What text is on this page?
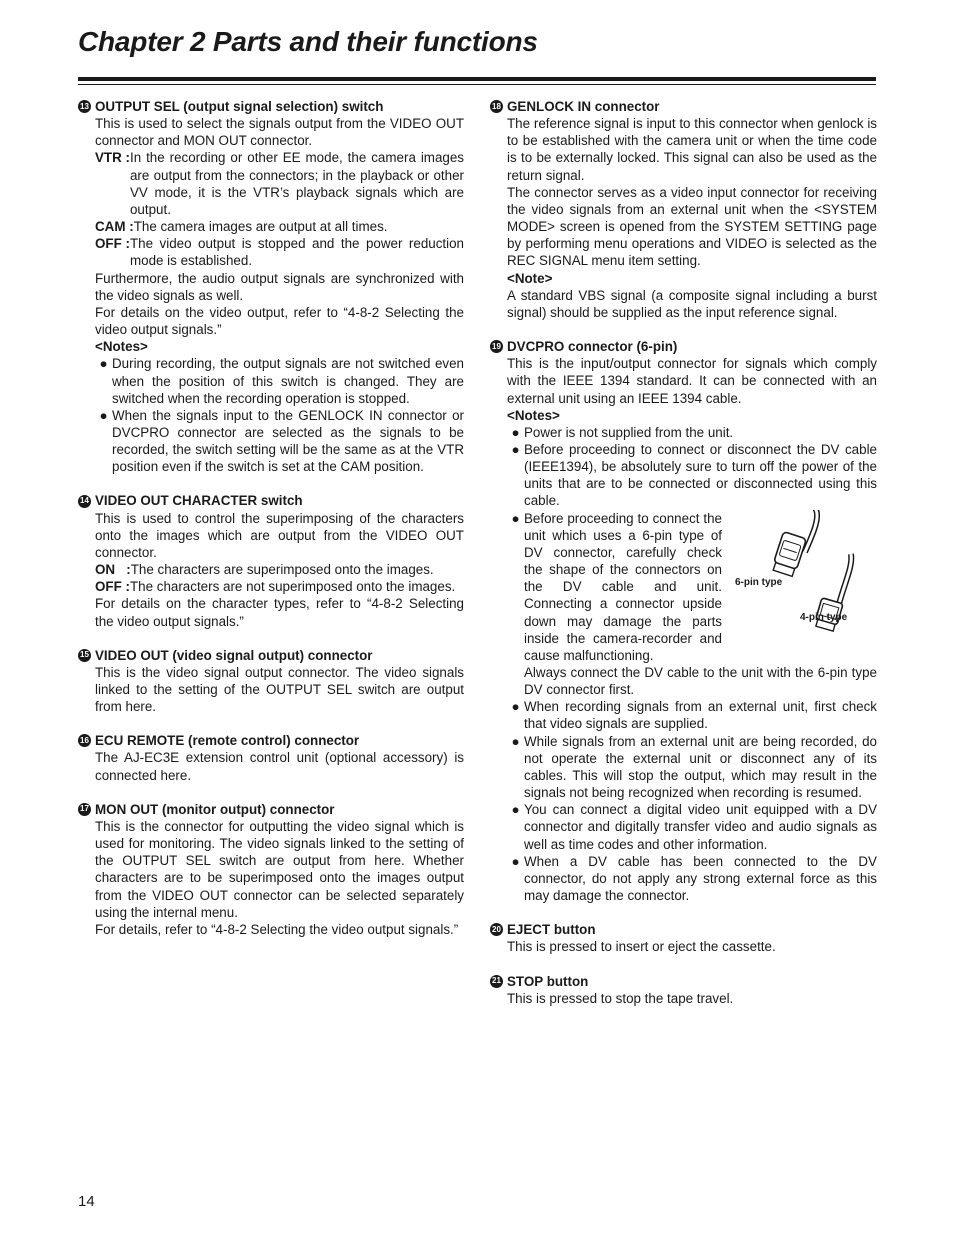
Chapter 2 Parts and their functions
13 OUTPUT SEL (output signal selection) switch

This is used to select the signals output from the VIDEO OUT connector and MON OUT connector.

VTR : In the recording or other EE mode, the camera images are output from the connectors; in the playback or other VV mode, it is the VTR’s playback signals which are output.
CAM : The camera images are output at all times.
OFF : The video output is stopped and the power reduction mode is established.

Furthermore, the audio output signals are synchronized with the video signals as well.

For details on the video output, refer to “4-8-2 Selecting the video output signals.”

<Notes>

● During recording, the output signals are not switched even when the position of this switch is changed. They are switched when the recording operation is stopped.
● When the signals input to the GENLOCK IN connector or DVCPRO connector are selected as the signals to be recorded, the switch setting will be the same as at the VTR position even if the switch is set at the CAM position.
14 VIDEO OUT CHARACTER switch

This is used to control the superimposing of the characters onto the images which are output from the VIDEO OUT connector.

ON   : The characters are superimposed onto the images.
OFF : The characters are not superimposed onto the images.

For details on the character types, refer to “4-8-2 Selecting the video output signals.”

15 VIDEO OUT (video signal output) connector

This is the video signal output connector. The video signals linked to the setting of the OUTPUT SEL switch are output from here.

16 ECU REMOTE (remote control) connector

The AJ-EC3E extension control unit (optional accessory) is connected here.

17 MON OUT (monitor output) connector

This is the connector for outputting the video signal which is used for monitoring. The video signals linked to the setting of the OUTPUT SEL switch are output from here. Whether characters are to be superimposed onto the images output from the VIDEO OUT connector can be selected separately using the internal menu.

For details, refer to “4-8-2 Selecting the video output signals.”

18 GENLOCK IN connector

The reference signal is input to this connector when genlock is to be established with the camera unit or when the time code is to be externally locked. This signal can also be used as the return signal.

The connector serves as a video input connector for receiving the video signals from an external unit when the <SYSTEM MODE> screen is opened from the SYSTEM SETTING page by performing menu operations and VIDEO is selected as the REC SIGNAL menu item setting.

<Note>

A standard VBS signal (a composite signal including a burst signal) should be supplied as the input reference signal.

19 DVCPRO connector (6-pin)

This is the input/output connector for signals which comply with the IEEE 1394 standard. It can be connected with an external unit using an IEEE 1394 cable.

<Notes>

● Power is not supplied from the unit.
● Before proceeding to connect or disconnect the DV cable (IEEE1394), be absolutely sure to turn off the power of the units that are to be connected or disconnected using this cable.
●
6-pin type
4-pin type
Before proceeding to connect the unit which uses a 6-pin type of DV connector, carefully check the shape of the connectors on the DV cable and unit. Connecting a connector upside down may damage the parts inside the camera-recorder and cause malfunctioning.
Always connect the DV cable to the unit with the 6-pin type DV connector first.
● When recording signals from an external unit, first check that video signals are supplied.
● While signals from an external unit are being recorded, do not operate the external unit or disconnect any of its cables. This will stop the output, which may result in the signals not being recognized when recording is resumed.
● You can connect a digital video unit equipped with a DV connector and digitally transfer video and audio signals as well as time codes and other information.
● When a DV cable has been connected to the DV connector, do not apply any strong external force as this may damage the connector.
20 EJECT button

This is pressed to insert or eject the cassette.

21 STOP button

This is pressed to stop the tape travel.

14
